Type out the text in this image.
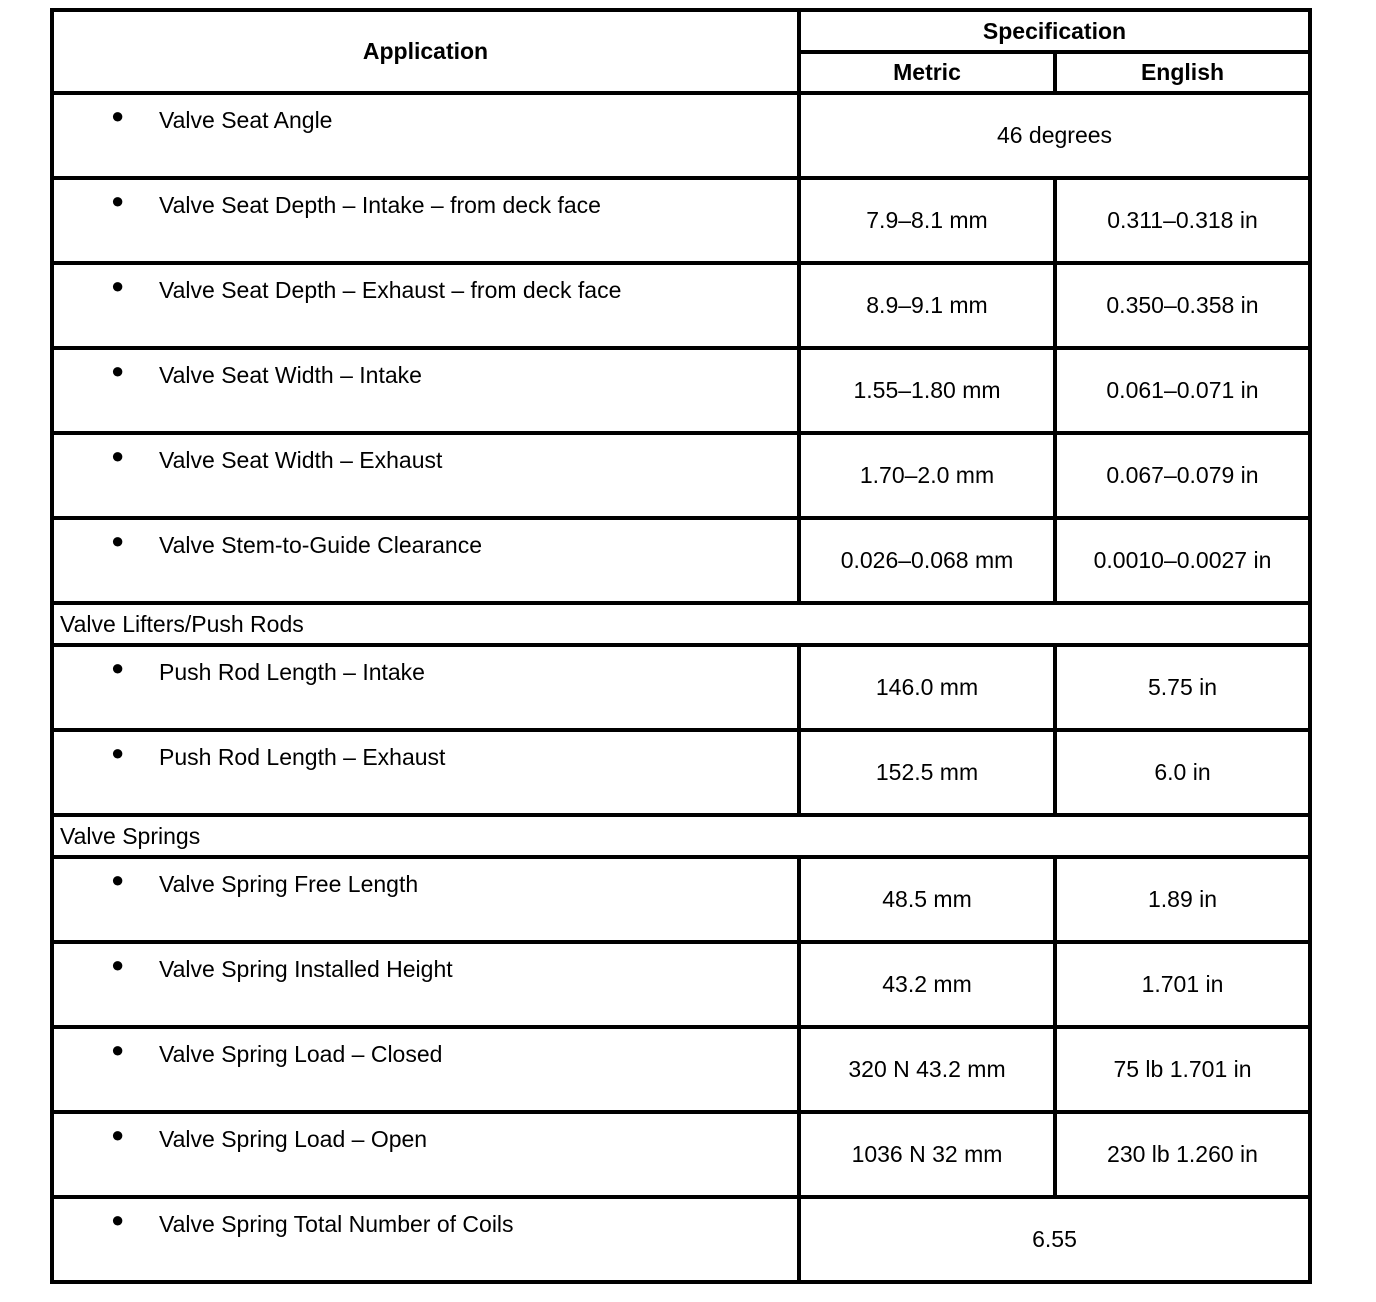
Application	Specification	
	Metric	English

● Valve Seat Angle	46 degrees	

● Valve Seat Depth – Intake – from deck face	7.9–8.1 mm	0.311–0.318 in

● Valve Seat Depth – Exhaust – from deck face	8.9–9.1 mm	0.350–0.358 in

● Valve Seat Width – Intake	1.55–1.80 mm	0.061–0.071 in

● Valve Seat Width – Exhaust	1.70–2.0 mm	0.067–0.079 in

● Valve Stem-to-Guide Clearance	0.026–0.068 mm	0.0010–0.0027 in
Valve Lifters/Push Rods		

● Push Rod Length – Intake	146.0 mm	5.75 in

● Push Rod Length – Exhaust	152.5 mm	6.0 in
Valve Springs		

● Valve Spring Free Length	48.5 mm	1.89 in

● Valve Spring Installed Height	43.2 mm	1.701 in

● Valve Spring Load – Closed	320 N 43.2 mm	75 lb 1.701 in

● Valve Spring Load – Open	1036 N 32 mm	230 lb 1.260 in

● Valve Spring Total Number of Coils	6.55	
